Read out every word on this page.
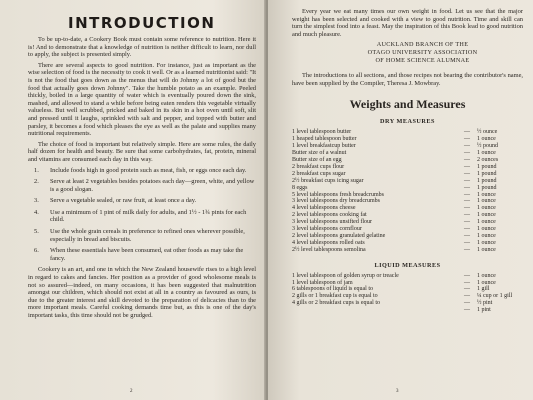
INTRODUCTION

To be up-to-date, a Cookery Book must contain some reference to nutrition. Here it is! And to demonstrate that a knowledge of nutrition is neither difficult to learn, nor dull to apply, the subject is presented simply.

There are several aspects to good nutrition. For instance, just as important as the wise selection of food is the necessity to cook it well. Or as a learned nutritionist said: "It is not the food that goes down as the menus that will do Johnny a lot of good but the food that actually goes down Johnny". Take the humble potato as an example. Peeled thickly, boiled in a large quantity of water which is eventually poured down the sink, mashed, and allowed to stand a while before being eaten renders this vegetable virtually valueless. But well scrubbed, pricked and baked in its skin in a hot oven until soft, slit and pressed until it laughs, sprinkled with salt and pepper, and topped with butter and parsley, it becomes a food which pleases the eye as well as the palate and supplies many nutritional requirements.

The choice of food is important but relatively simple. Here are some rules, the daily half dozen for health and beauty. Be sure that some carbohydrates, fat, protein, mineral and vitamins are consumed each day in this way.

1. Include foods high in good protein such as meat, fish, or eggs once each day.
2. Serve at least 2 vegetables besides potatoes each day—green, white, and yellow is a good slogan.
3. Serve a vegetable sealed, or raw fruit, at least once a day.
4. Use a minimum of 1 pint of milk daily for adults, and 1½ - 1¾ pints for each child.
5. Use the whole grain cereals in preference to refined ones wherever possible, especially in bread and biscuits.
6. When these essentials have been consumed, eat other foods as may take the fancy.

Cookery is an art, and one in which the New Zealand housewife rises to a high level in regard to cakes and fancies. Her position as a provider of good wholesome meals is not so assured—indeed, on many occasions, it has been suggested that malnutrition amongst our children, which should not exist at all in a country as favoured as ours, is due to the greater interest and skill devoted to the preparation of delicacies than to the more important meals. Careful cooking demands time but, as this is one of the day's important tasks, this time should not be grudged.

2

Every year we eat many times our own weight in food. Let us see that the major weight has been selected and cooked with a view to good nutrition. Time and skill can turn the simplest food into a feast. May the inspiration of this Book lead to good nutrition and much pleasure.

AUCKLAND BRANCH OF THE
OTAGO UNIVERSITY ASSOCIATION
OF HOME SCIENCE ALUMNAE

The introductions to all sections, and those recipes not bearing the contributor's name, have been supplied by the Compiler, Theresa J. Mowbray.

Weights and Measures
DRY MEASURES
1 level tablespoon butter	—	½ ounce
1 heaped tablespoon butter	—	1 ounce
1 level breakfastcup butter	—	½ pound
Butter size of a walnut	—	1 ounce
Butter size of an egg	—	2 ounces
2 breakfast cups flour	—	1 pound
2 breakfast cups sugar	—	1 pound
2½ breakfast cups icing sugar	—	1 pound
8 eggs	—	1 pound
5 level tablespoons fresh breadcrumbs	—	1 ounce
3 level tablespoons dry breadcrumbs	—	1 ounce
4 level tablespoons cheese	—	1 ounce
2 level tablespoons cooking fat	—	1 ounce
3 level tablespoons unsifted flour	—	1 ounce
3 level tablespoons cornflour	—	1 ounce
2 level tablespoons granulated gelatine	—	1 ounce
4 level tablespoons rolled oats	—	1 ounce
2½ level tablespoons semolina	—	1 ounce
LIQUID MEASURES
1 level tablespoon of golden syrup or treacle	—	1 ounce
1 level tablespoon of jam	—	1 ounce
6 tablespoons of liquid is equal to	—	1 gill
2 gills or 1 breakfast cup is equal to	—	¼ cup or 1 gill
4 gills or 2 breakfast cups is equal to	—	½ pint
	—	1 pint
3
